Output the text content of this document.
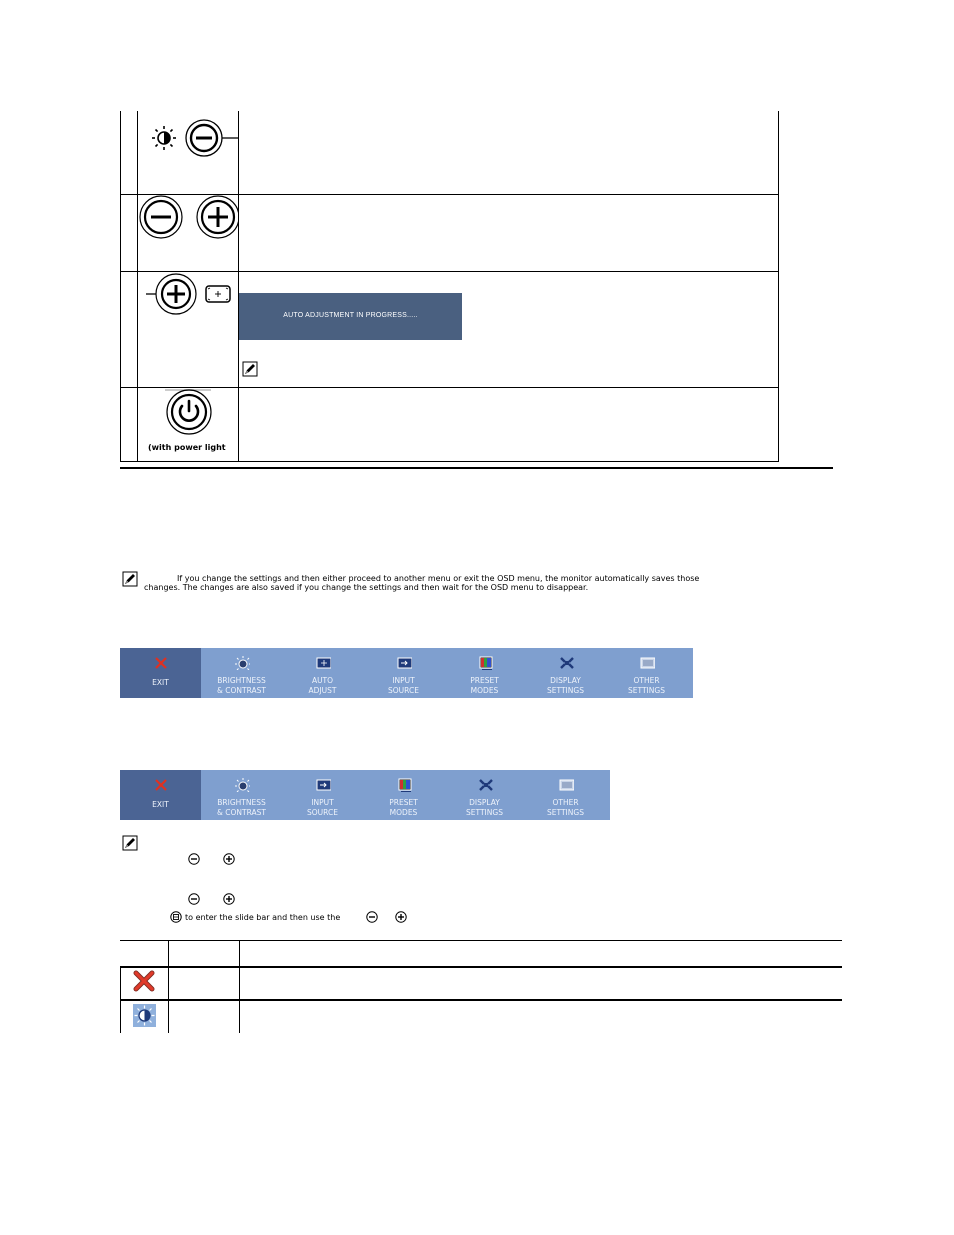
AUTO ADJUSTMENT IN PROGRESS.....
(with power light
If you change the settings and then either proceed to another menu or exit the OSD menu, the monitor automatically saves those
changes. The changes are also saved if you change the settings and then wait for the OSD menu to disappear.
EXIT	BRIGHTNESS
& CONTRAST
AUTO
ADJUST
INPUT
SOURCE
PRESET
MODES
DISPLAY
SETTINGS
OTHER
SETTINGS
EXIT	BRIGHTNESS
& CONTRAST
INPUT
SOURCE
PRESET
MODES
DISPLAY
SETTINGS
OTHER
SETTINGS
to enter the slide bar and then use the
